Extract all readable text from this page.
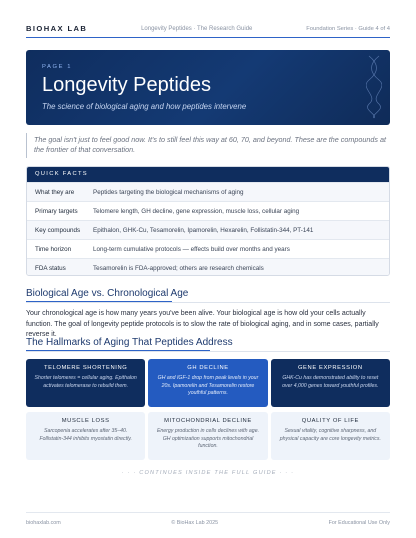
BIOHAX LAB	Longevity Peptides · The Research Guide	Foundation Series · Guide 4 of 4
PAGE 1
Longevity Peptides
The science of biological aging and how peptides intervene
The goal isn't just to feel good now. It's to still feel this way at 60, 70, and beyond. These are the compounds at the frontier of that conversation.
QUICK FACTS
What they are	Peptides targeting the biological mechanisms of aging
Primary targets	Telomere length, GH decline, gene expression, muscle loss, cellular aging
Key compounds	Epithalon, GHK-Cu, Tesamorelin, Ipamorelin, Hexarelin, Follistatin-344, PT-141
Time horizon	Long-term cumulative protocols — effects build over months and years
FDA status	Tesamorelin is FDA-approved; others are research chemicals
Biological Age vs. Chronological Age
Your chronological age is how many years you've been alive. Your biological age is how old your cells actually function. The goal of longevity peptide protocols is to slow the rate of biological aging, and in some cases, partially reverse it.
The Hallmarks of Aging That Peptides Address
TELOMERE SHORTENING
Shorter telomeres = cellular aging. Epithalon activates telomerase to rebuild them.
GH DECLINE
GH and IGF-1 drop from peak levels in your 20s. Ipamorelin and Tesamorelin restore youthful patterns.
GENE EXPRESSION
GHK-Cu has demonstrated ability to reset over 4,000 genes toward youthful profiles.
MUSCLE LOSS
Sarcopenia accelerates after 35–40. Follistatin-344 inhibits myostatin directly.
MITOCHONDRIAL DECLINE
Energy production in cells declines with age. GH optimization supports mitochondrial function.
QUALITY OF LIFE
Sexual vitality, cognitive sharpness, and physical capacity are core longevity metrics.
· · · CONTINUES INSIDE THE FULL GUIDE · · ·
biohaxlab.com	© BioHax Lab 2025	For Educational Use Only
